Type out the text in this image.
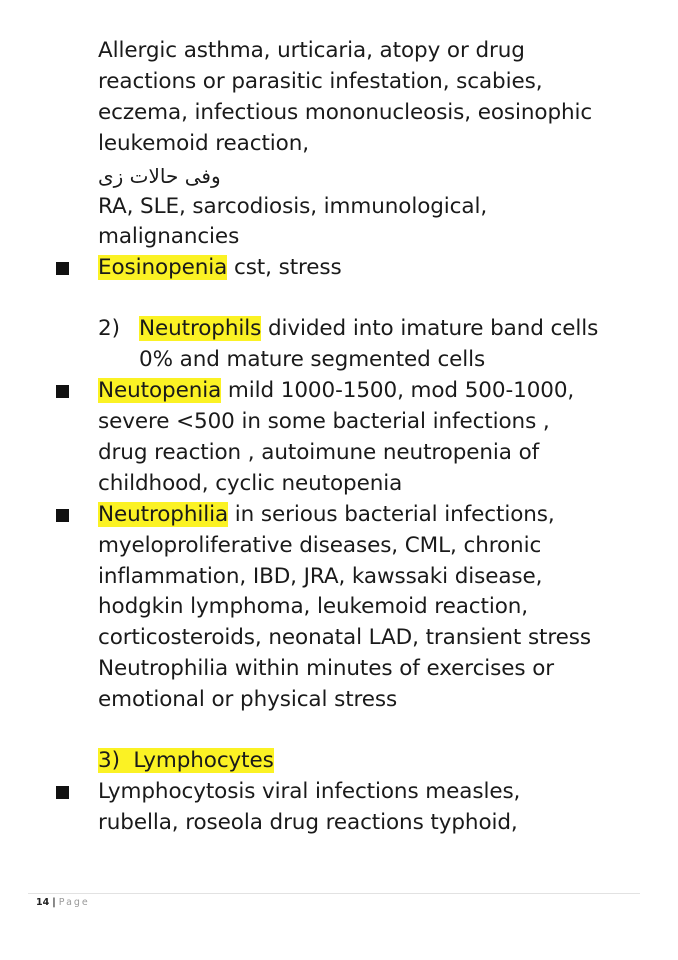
Allergic asthma, urticaria, atopy or drug
reactions or parasitic infestation, scabies,
eczema, infectious mononucleosis, eosinophic
leukemoid reaction,
وفى حالات زى
RA, SLE, sarcodiosis, immunological,
malignancies
Eosinopenia cst, stress
2) Neutrophils divided into imature band cells
0% and mature segmented cells
Neutopenia mild 1000-1500, mod 500-1000,
severe <500 in some bacterial infections ,
drug reaction , autoimune neutropenia of
childhood, cyclic neutopenia
Neutrophilia in serious bacterial infections,
myeloproliferative diseases, CML, chronic
inflammation, IBD, JRA, kawssaki disease,
hodgkin lymphoma, leukemoid reaction,
corticosteroids, neonatal LAD, transient stress
Neutrophilia within minutes of exercises or
emotional or physical stress
3)  Lymphocytes
Lymphocytosis viral infections measles,
rubella, roseola drug reactions typhoid,
14 | Page
